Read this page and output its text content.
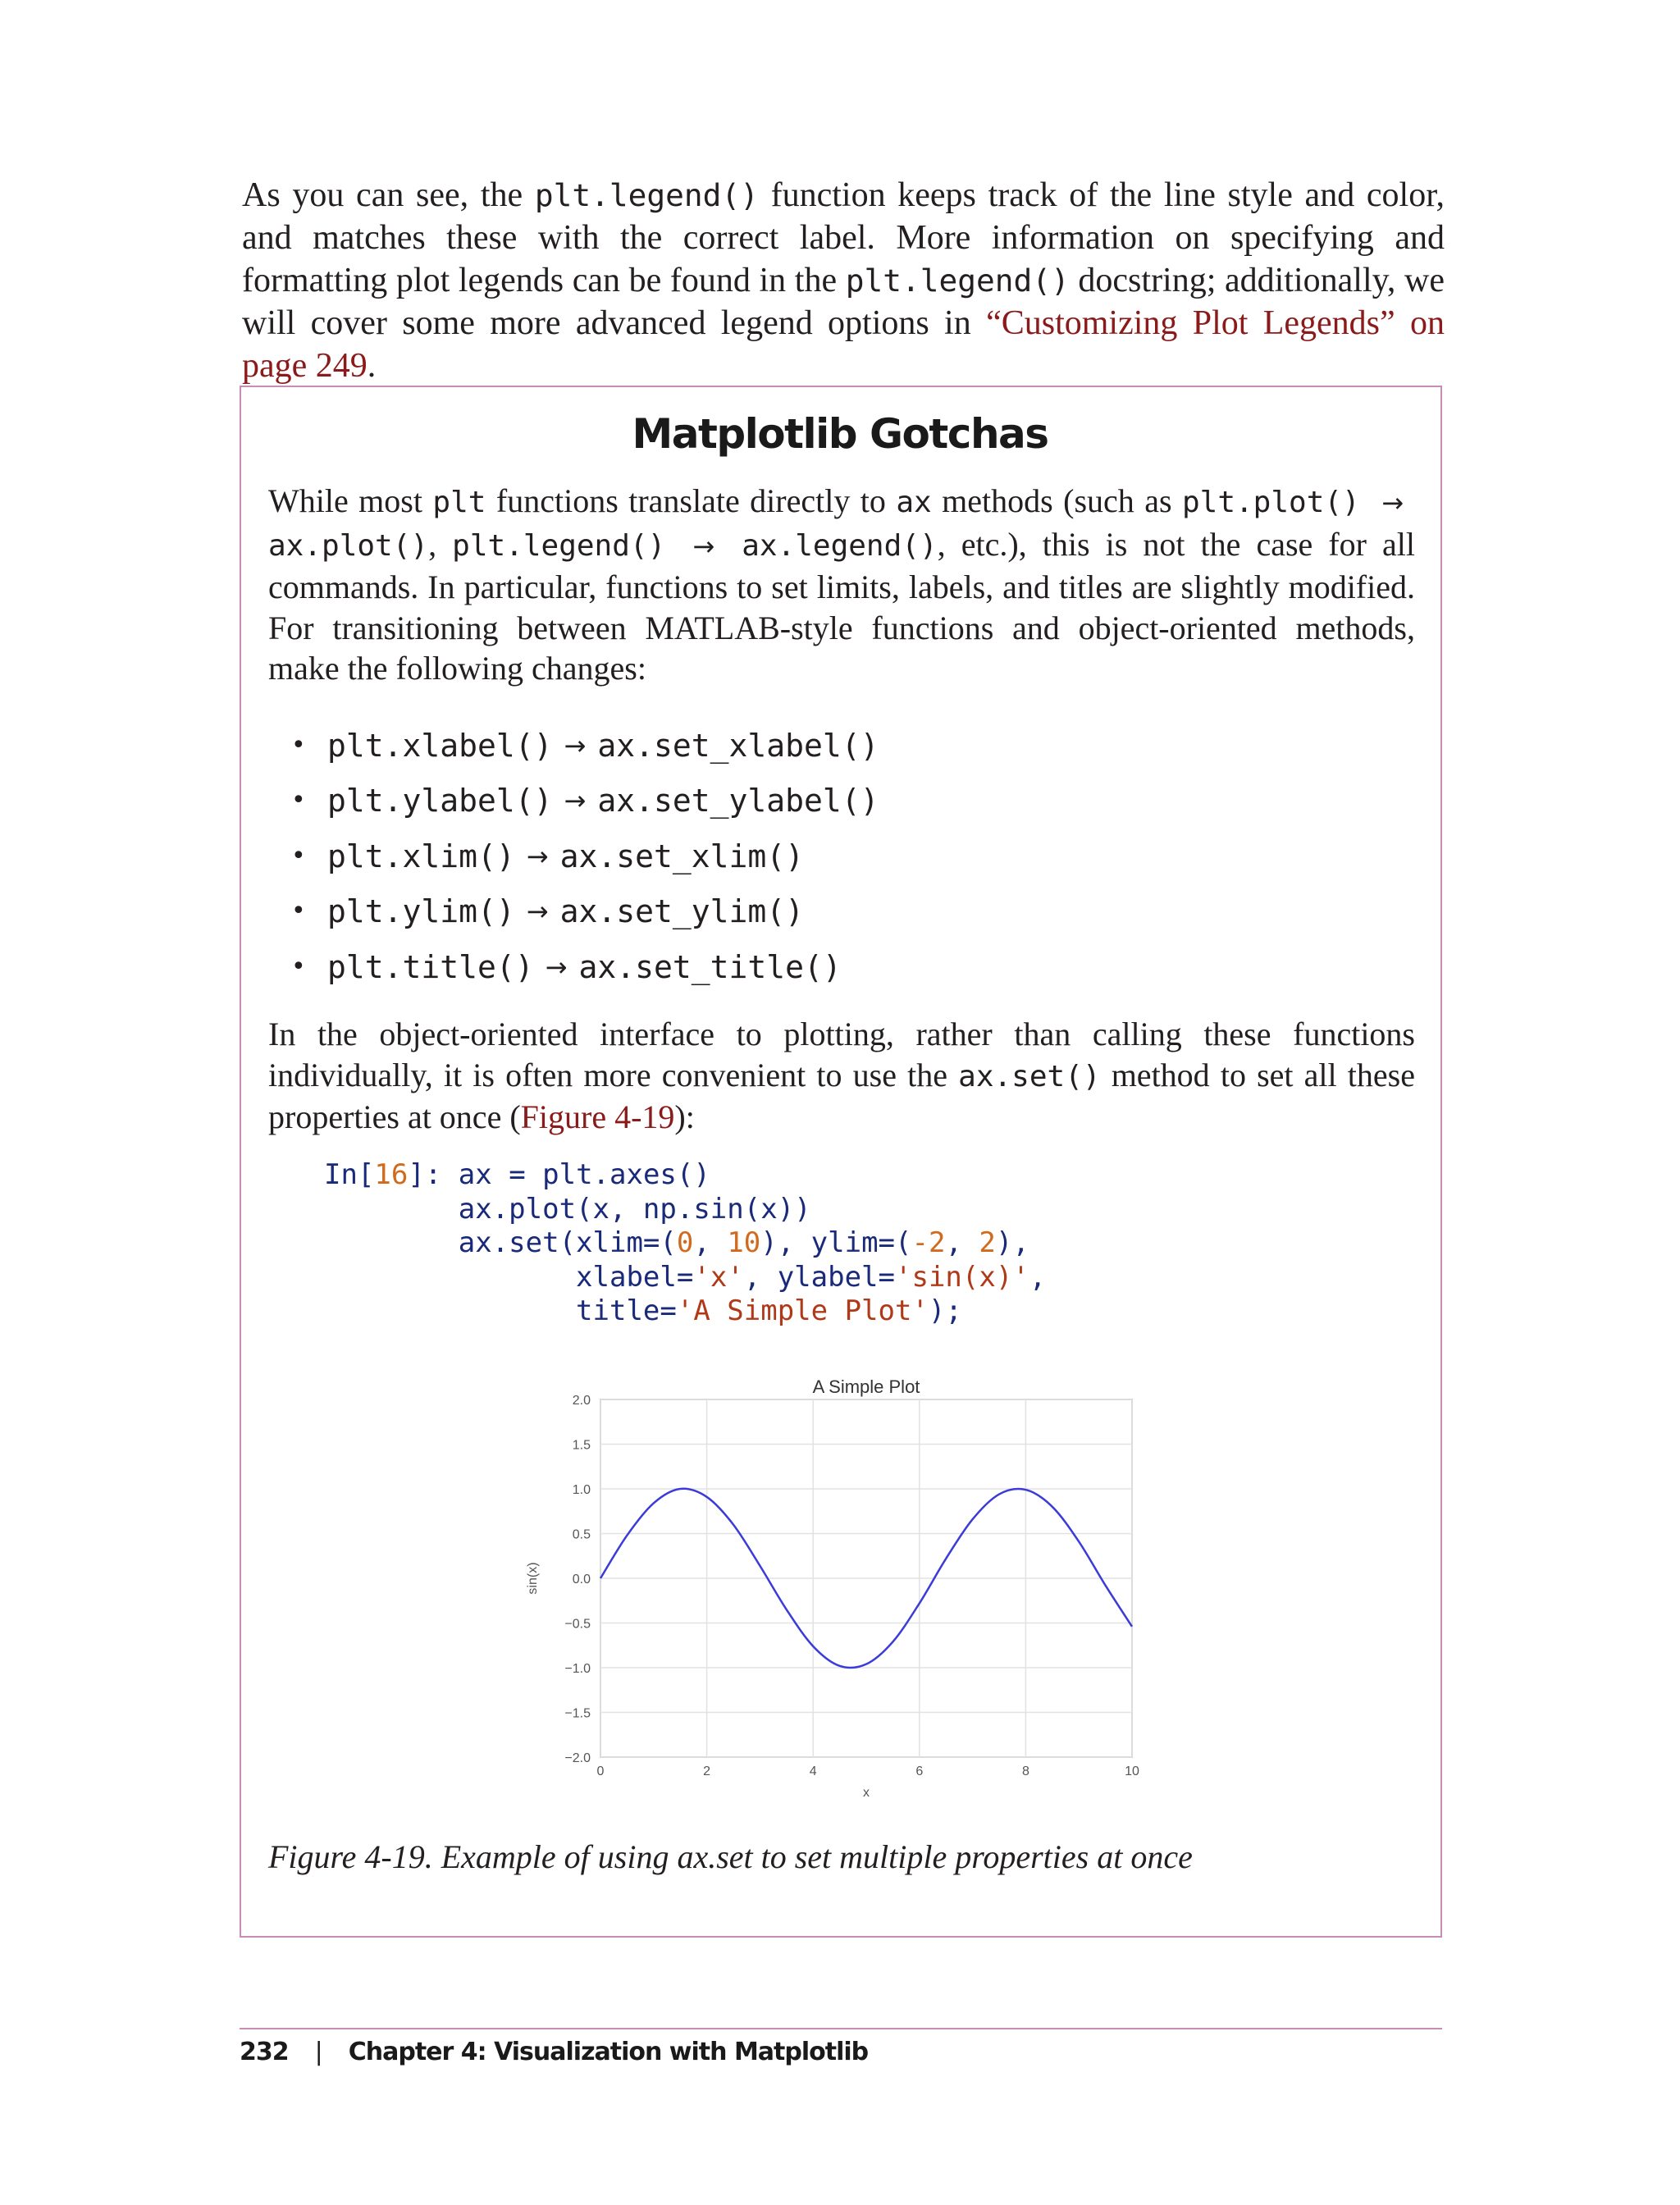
As you can see, the plt.legend() function keeps track of the line style and color, and matches these with the correct label. More information on specifying and formatting plot legends can be found in the plt.legend() docstring; additionally, we will cover some more advanced legend options in “Customizing Plot Legends” on page 249.

Matplotlib Gotchas

While most plt functions translate directly to ax methods (such as plt.plot() → ax.plot(), plt.legend() → ax.legend(), etc.), this is not the case for all commands. In particular, functions to set limits, labels, and titles are slightly modified. For transitioning between MATLAB-style functions and object-oriented methods, make the following changes:

• plt.xlabel() → ax.set_xlabel()
• plt.ylabel() → ax.set_ylabel()
• plt.xlim() → ax.set_xlim()
• plt.ylim() → ax.set_ylim()
• plt.title() → ax.set_title()

In the object-oriented interface to plotting, rather than calling these functions individually, it is often more convenient to use the ax.set() method to set all these properties at once (Figure 4-19):

In[16]: ax = plt.axes()
ax.plot(x, np.sin(x))
ax.set(xlim=(0, 10), ylim=(-2, 2),
xlabel='x', ylabel='sin(x)',
title='A Simple Plot');
0	2	4	6	8	10
2.0
1.5
1.0
0.5
0.0
−0.5
−1.0
−1.5
−2.0
A Simple Plot
x
sin(x)

Figure 4-19. Example of using ax.set to set multiple properties at once

232 | Chapter 4: Visualization with Matplotlib
